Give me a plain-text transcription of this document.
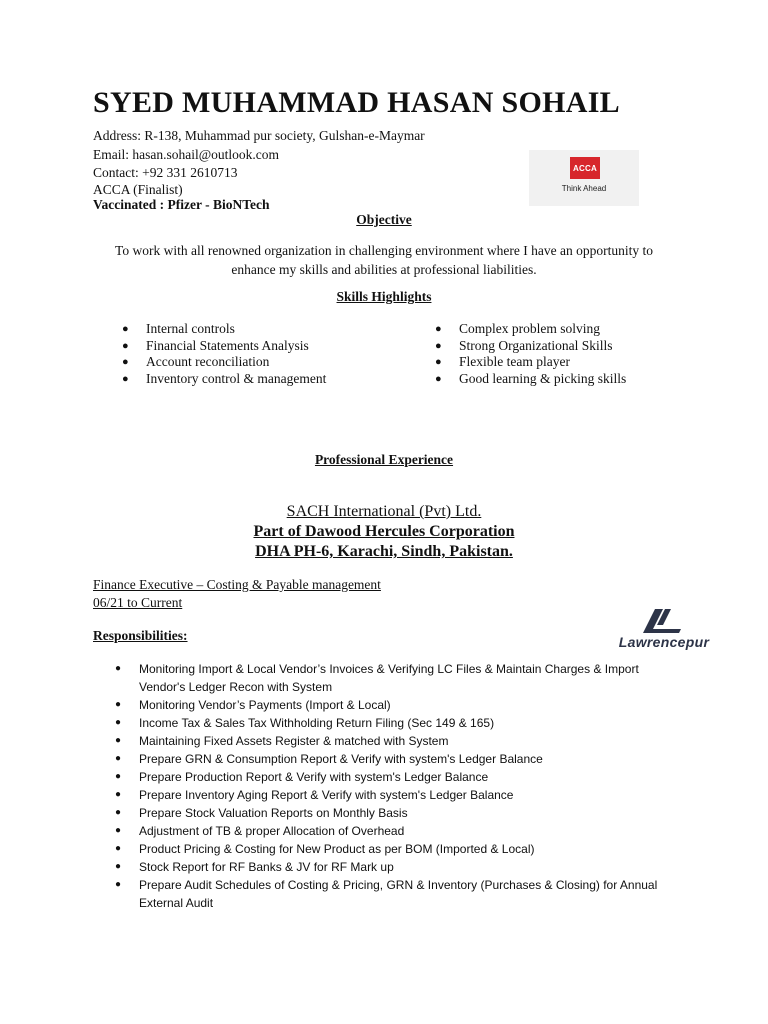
SYED MUHAMMAD HASAN SOHAIL
Address: R-138, Muhammad pur society, Gulshan-e-Maymar
Email: hasan.sohail@outlook.com
Contact: +92 331 2610713
ACCA (Finalist)
Vaccinated : Pfizer - BioNTech
ACCA
Think Ahead
Objective
To work with all renowned organization in challenging environment where I have an opportunity to enhance my skills and abilities at professional liabilities.
Skills Highlights
● Internal controls
● Financial Statements Analysis
● Account reconciliation
● Inventory control & management
● Complex problem solving
● Strong Organizational Skills
● Flexible team player
● Good learning & picking skills
Professional Experience
SACH International (Pvt) Ltd.
Part of Dawood Hercules Corporation
DHA PH-6, Karachi, Sindh, Pakistan.
Finance Executive – Costing & Payable management
06/21 to Current
Responsibilities:	Lawrencepur
● Monitoring Import & Local Vendor’s Invoices & Verifying LC Files & Maintain Charges & Import Vendor's Ledger Recon with System
● Monitoring Vendor’s Payments (Import & Local)
● Income Tax & Sales Tax Withholding Return Filing (Sec 149 & 165)
● Maintaining Fixed Assets Register & matched with System
● Prepare GRN & Consumption Report & Verify with system's Ledger Balance
● Prepare Production Report & Verify with system's Ledger Balance
● Prepare Inventory Aging Report & Verify with system's Ledger Balance
● Prepare Stock Valuation Reports on Monthly Basis
● Adjustment of TB & proper Allocation of Overhead
● Product Pricing & Costing for New Product as per BOM (Imported & Local)
● Stock Report for RF Banks & JV for RF Mark up
● Prepare Audit Schedules of Costing & Pricing, GRN & Inventory (Purchases & Closing) for Annual External Audit
